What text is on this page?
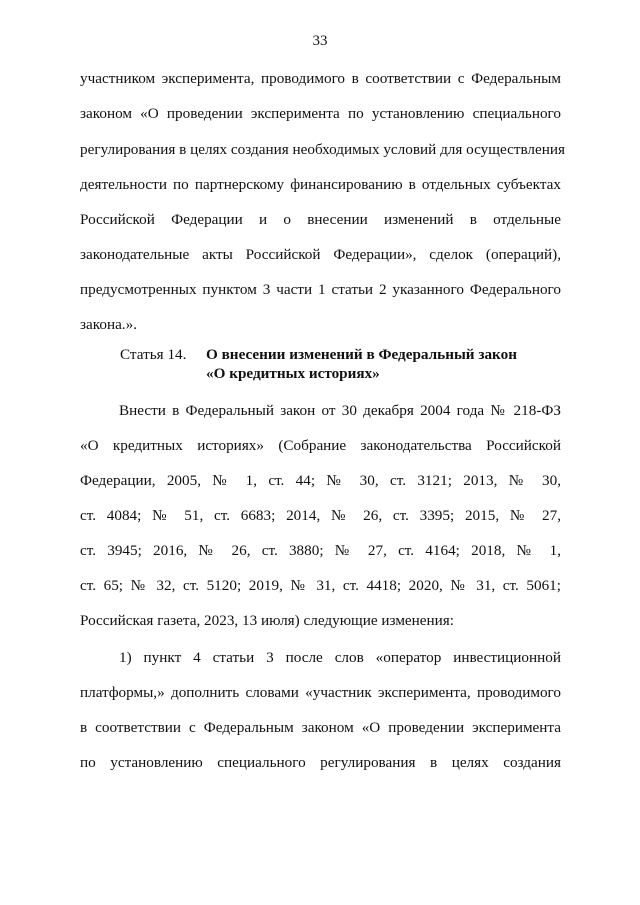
33
участником эксперимента, проводимого в соответствии с Федеральным
законом «О проведении эксперимента по установлению специального
регулирования в целях создания необходимых условий для осуществления
деятельности по партнерскому финансированию в отдельных субъектах
Российской Федерации и о внесении изменений в отдельные
законодательные акты Российской Федерации», сделок (операций),
предусмотренных пунктом 3 части 1 статьи 2 указанного Федерального
закона.».
Статья 14. О внесении изменений в Федеральный закон
«О кредитных историях»
Внести в Федеральный закон от 30 декабря 2004 года № 218-ФЗ
«О кредитных историях» (Собрание законодательства Российской
Федерации, 2005, № 1, ст. 44; № 30, ст. 3121; 2013, № 30,
ст. 4084; № 51, ст. 6683; 2014, № 26, ст. 3395; 2015, № 27,
ст. 3945; 2016, № 26, ст. 3880; № 27, ст. 4164; 2018, № 1,
ст. 65; № 32, ст. 5120; 2019, № 31, ст. 4418; 2020, № 31, ст. 5061;
Российская газета, 2023, 13 июля) следующие изменения:
1) пункт 4 статьи 3 после слов «оператор инвестиционной
платформы,» дополнить словами «участник эксперимента, проводимого
в соответствии с Федеральным законом «О проведении эксперимента
по установлению специального регулирования в целях создания
